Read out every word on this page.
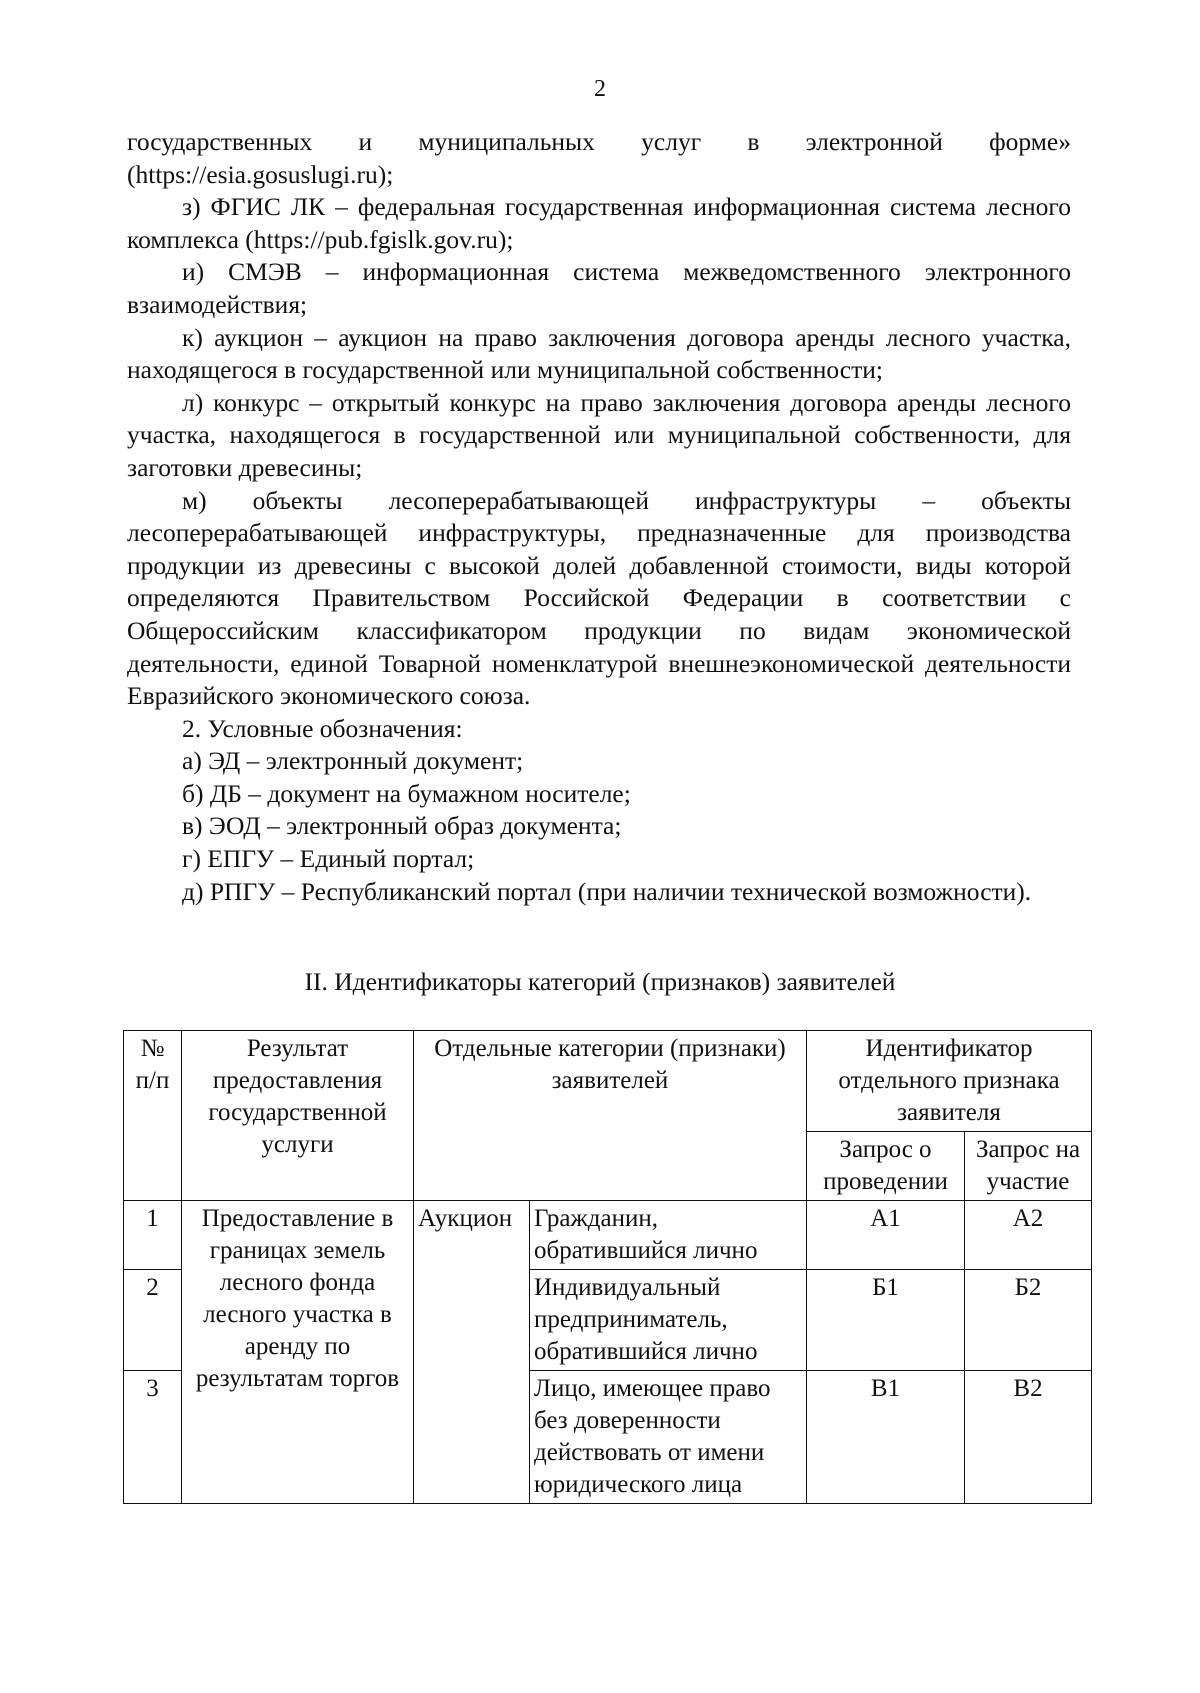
2

государственных и муниципальных услуг в электронной форме» (https://esia.gosuslugi.ru);

з) ФГИС ЛК – федеральная государственная информационная система лесного комплекса (https://pub.fgislk.gov.ru);

и) СМЭВ – информационная система межведомственного электронного взаимодействия;

к) аукцион – аукцион на право заключения договора аренды лесного участка, находящегося в государственной или муниципальной собственности;

л) конкурс – открытый конкурс на право заключения договора аренды лесного участка, находящегося в государственной или муниципальной собственности, для заготовки древесины;

м) объекты лесоперерабатывающей инфраструктуры – объекты лесоперерабатывающей инфраструктуры, предназначенные для производства продукции из древесины с высокой долей добавленной стоимости, виды которой определяются Правительством Российской Федерации в соответствии с Общероссийским классификатором продукции по видам экономической деятельности, единой Товарной номенклатурой внешнеэкономической деятельности Евразийского экономического союза.

2. Условные обозначения:

а) ЭД – электронный документ;

б) ДБ – документ на бумажном носителе;

в) ЭОД – электронный образ документа;

г) ЕПГУ – Единый портал;

д) РПГУ – Республиканский портал (при наличии технической возможности).

II. Идентификаторы категорий (признаков) заявителей
№ п/п	Результат предоставления государственной услуги	Отдельные категории (признаки) заявителей		Идентификатор отдельного признака заявителя	
				Запрос о проведении	Запрос на участие
1	Предоставление в границах земель лесного фонда лесного участка в аренду по результатам торгов	Аукцион	Гражданин, обратившийся лично	А1	А2
2			Индивидуальный предприниматель, обратившийся лично	Б1	Б2
3			Лицо, имеющее право без доверенности действовать от имени юридического лица	В1	В2
